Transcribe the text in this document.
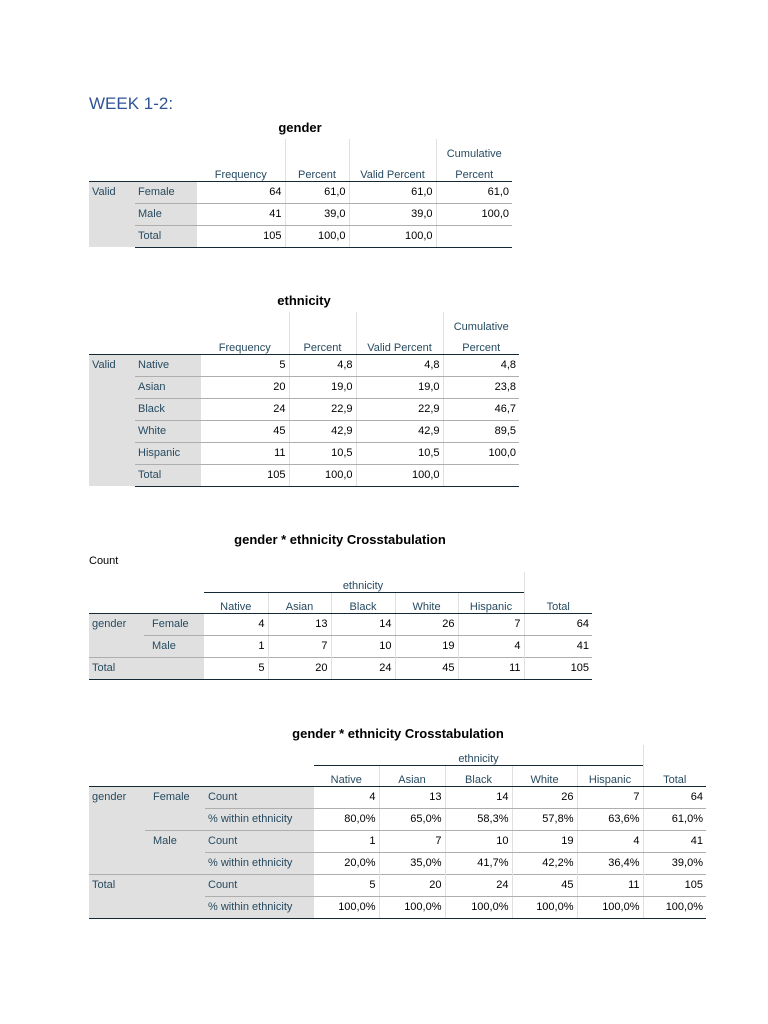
WEEK 1-2:
gender
					Cumulative
		Frequency	Percent	Valid Percent	Percent
Valid	Female	64	61,0	61,0	61,0
	Male	41	39,0	39,0	100,0
	Total	105	100,0	100,0	
ethnicity
					Cumulative
		Frequency	Percent	Valid Percent	Percent
Valid	Native	5	4,8	4,8	4,8
	Asian	20	19,0	19,0	23,8
	Black	24	22,9	22,9	46,7
	White	45	42,9	42,9	89,5
	Hispanic	11	10,5	10,5	100,0
	Total	105	100,0	100,0	
gender * ethnicity Crosstabulation
Count
				ethnicity			
		Native	Asian	Black	White	Hispanic	Total
gender	Female	4	13	14	26	7	64
	Male	1	7	10	19	4	41
Total		5	20	24	45	11	105
gender * ethnicity Crosstabulation
					ethnicity			
			Native	Asian	Black	White	Hispanic	Total
gender	Female	Count	4	13	14	26	7	64
		% within ethnicity	80,0%	65,0%	58,3%	57,8%	63,6%	61,0%
	Male	Count	1	7	10	19	4	41
		% within ethnicity	20,0%	35,0%	41,7%	42,2%	36,4%	39,0%
Total		Count	5	20	24	45	11	105
		% within ethnicity	100,0%	100,0%	100,0%	100,0%	100,0%	100,0%
